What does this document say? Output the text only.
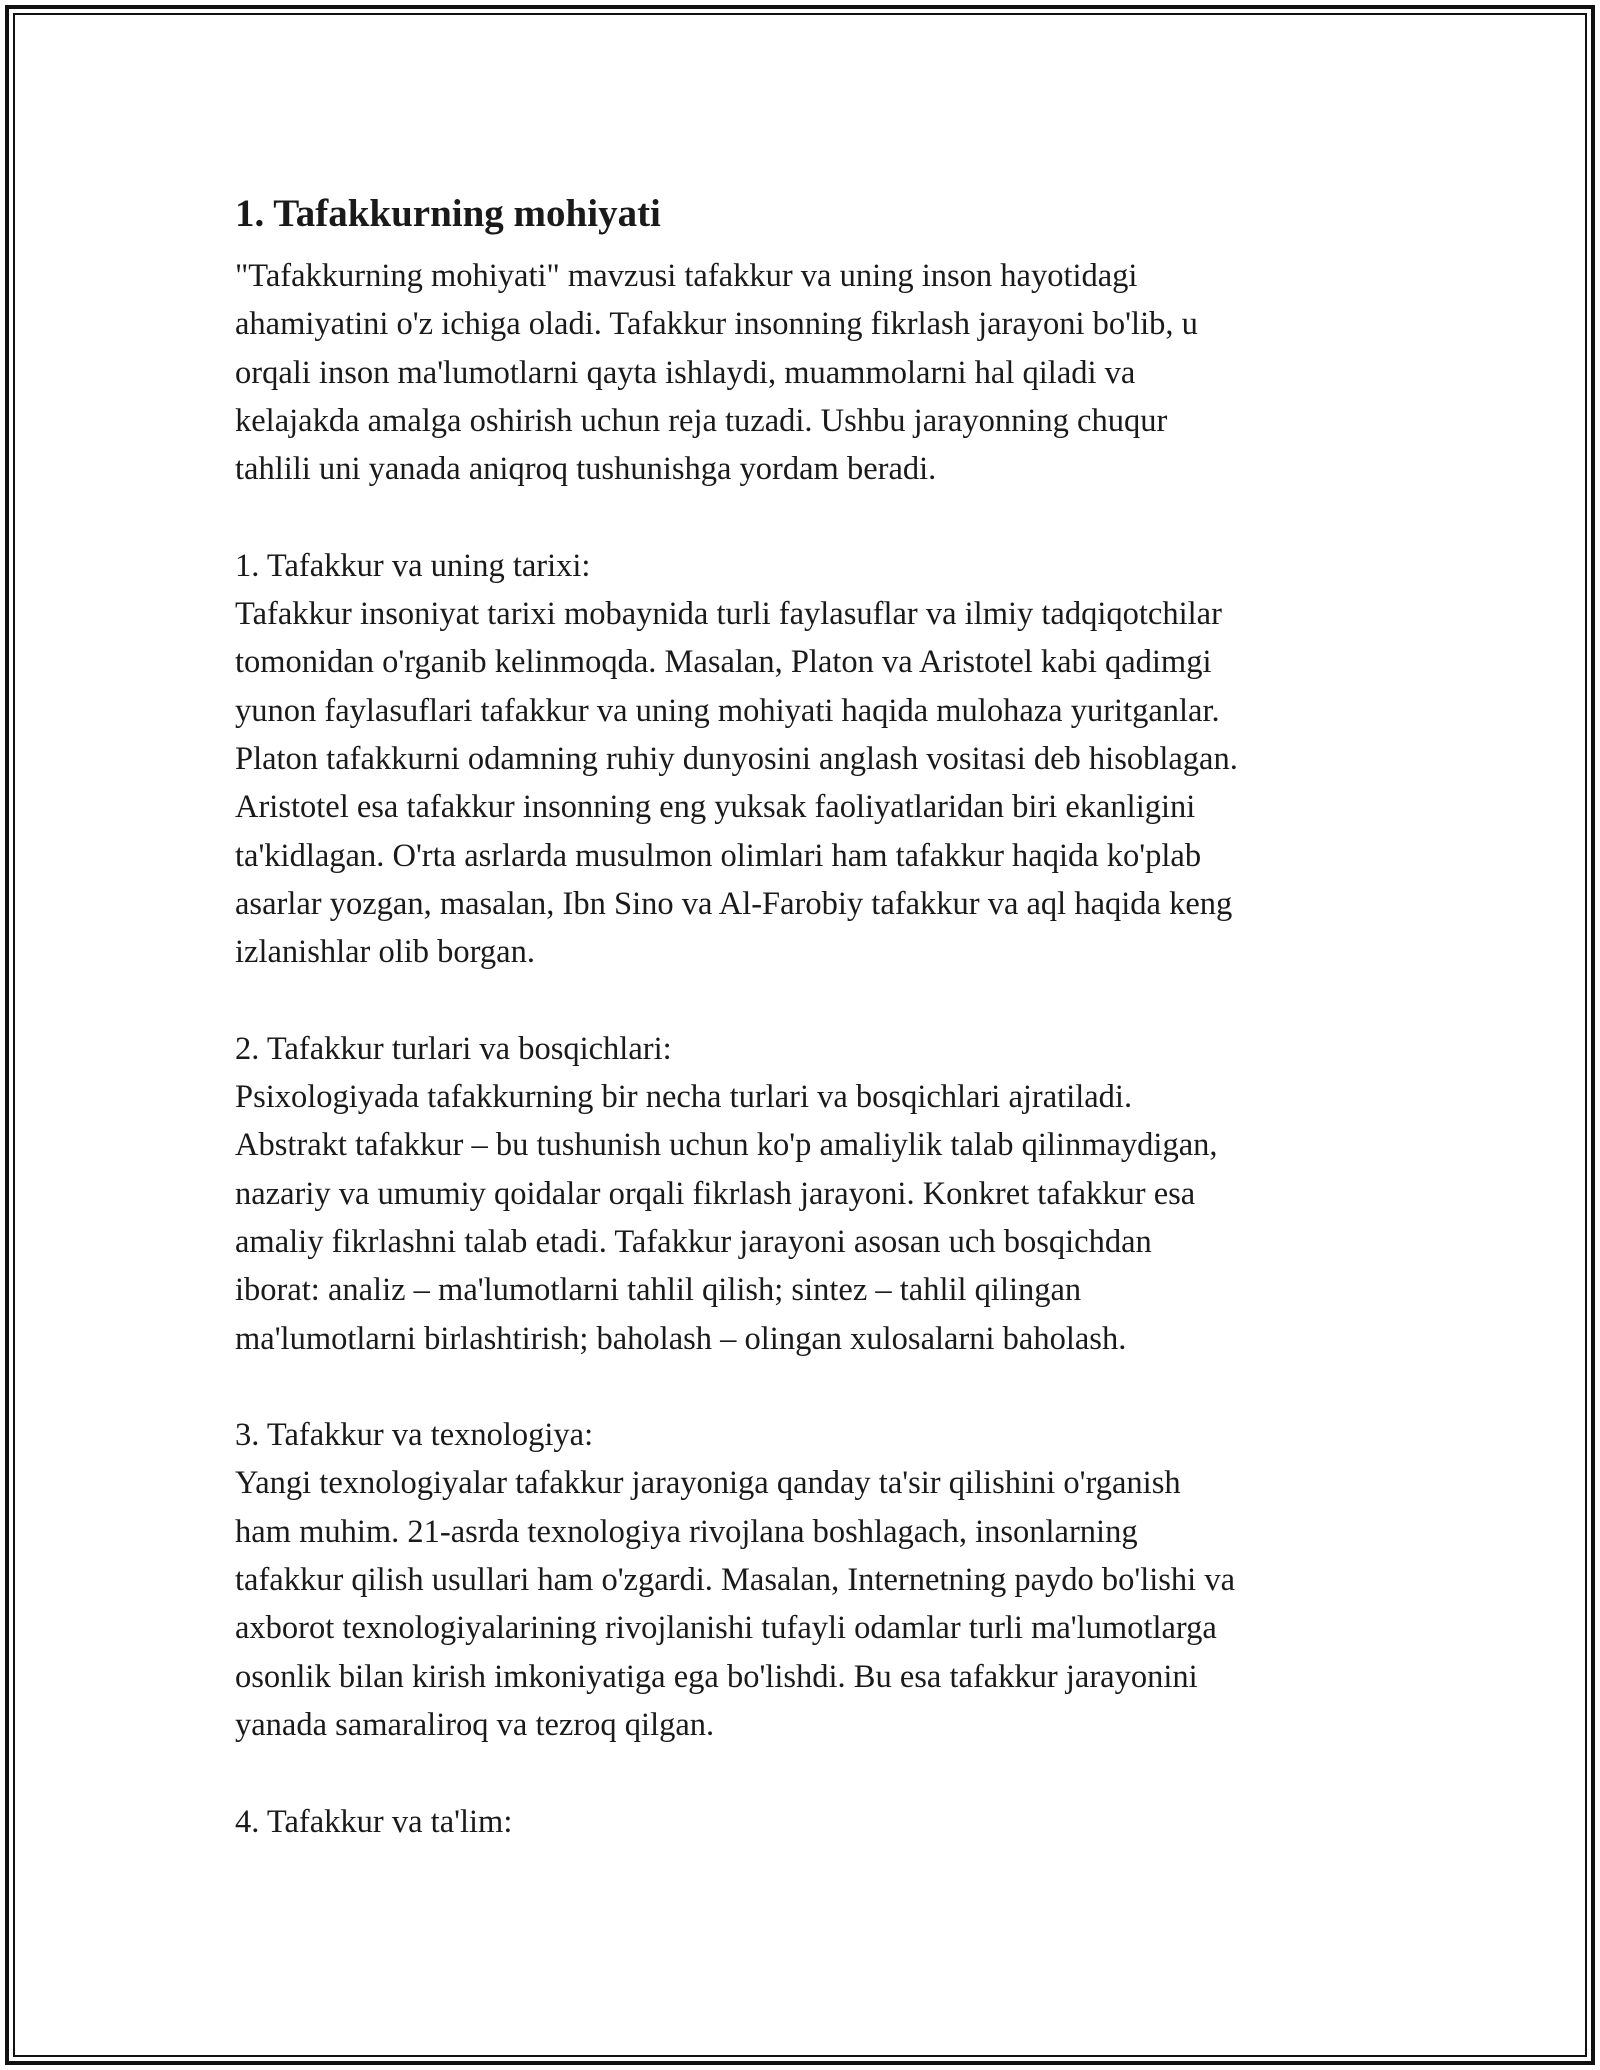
1. Tafakkurning mohiyati

"Tafakkurning mohiyati" mavzusi tafakkur va uning inson hayotidagi
ahamiyatini o'z ichiga oladi. Tafakkur insonning fikrlash jarayoni bo'lib, u
orqali inson ma'lumotlarni qayta ishlaydi, muammolarni hal qiladi va
kelajakda amalga oshirish uchun reja tuzadi. Ushbu jarayonning chuqur
tahlili uni yanada aniqroq tushunishga yordam beradi.
1. Tafakkur va uning tarixi:
Tafakkur insoniyat tarixi mobaynida turli faylasuflar va ilmiy tadqiqotchilar
tomonidan o'rganib kelinmoqda. Masalan, Platon va Aristotel kabi qadimgi
yunon faylasuflari tafakkur va uning mohiyati haqida mulohaza yuritganlar.
Platon tafakkurni odamning ruhiy dunyosini anglash vositasi deb hisoblagan.
Aristotel esa tafakkur insonning eng yuksak faoliyatlaridan biri ekanligini
ta'kidlagan. O'rta asrlarda musulmon olimlari ham tafakkur haqida ko'plab
asarlar yozgan, masalan, Ibn Sino va Al-Farobiy tafakkur va aql haqida keng
izlanishlar olib borgan.
2. Tafakkur turlari va bosqichlari:
Psixologiyada tafakkurning bir necha turlari va bosqichlari ajratiladi.
Abstrakt tafakkur – bu tushunish uchun ko'p amaliylik talab qilinmaydigan,
nazariy va umumiy qoidalar orqali fikrlash jarayoni. Konkret tafakkur esa
amaliy fikrlashni talab etadi. Tafakkur jarayoni asosan uch bosqichdan
iborat: analiz – ma'lumotlarni tahlil qilish; sintez – tahlil qilingan
ma'lumotlarni birlashtirish; baholash – olingan xulosalarni baholash.
3. Tafakkur va texnologiya:
Yangi texnologiyalar tafakkur jarayoniga qanday ta'sir qilishini o'rganish
ham muhim. 21-asrda texnologiya rivojlana boshlagach, insonlarning
tafakkur qilish usullari ham o'zgardi. Masalan, Internetning paydo bo'lishi va
axborot texnologiyalarining rivojlanishi tufayli odamlar turli ma'lumotlarga
osonlik bilan kirish imkoniyatiga ega bo'lishdi. Bu esa tafakkur jarayonini
yanada samaraliroq va tezroq qilgan.
4. Tafakkur va ta'lim:
